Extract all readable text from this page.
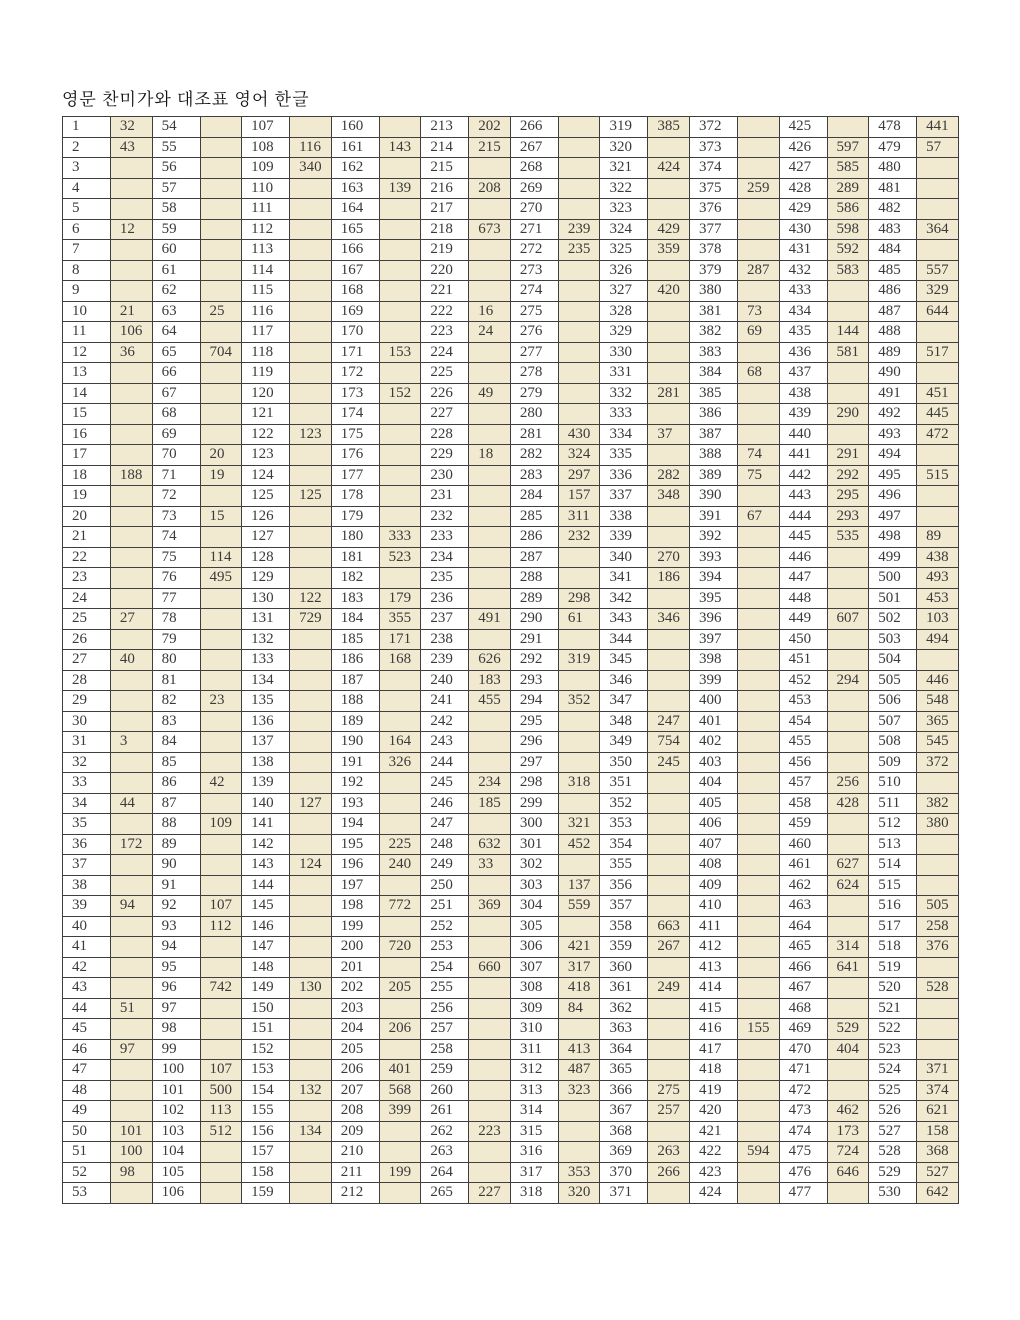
영문 찬미가와 대조표 영어 한글
1	32	54		107		160		213	202	266		319	385	372		425		478	441
2	43	55		108	116	161	143	214	215	267		320		373		426	597	479	57
3		56		109	340	162		215		268		321	424	374		427	585	480	
4		57		110		163	139	216	208	269		322		375	259	428	289	481	
5		58		111		164		217		270		323		376		429	586	482	
6	12	59		112		165		218	673	271	239	324	429	377		430	598	483	364
7		60		113		166		219		272	235	325	359	378		431	592	484	
8		61		114		167		220		273		326		379	287	432	583	485	557
9		62		115		168		221		274		327	420	380		433		486	329
10	21	63	25	116		169		222	16	275		328		381	73	434		487	644
11	106	64		117		170		223	24	276		329		382	69	435	144	488	
12	36	65	704	118		171	153	224		277		330		383		436	581	489	517
13		66		119		172		225		278		331		384	68	437		490	
14		67		120		173	152	226	49	279		332	281	385		438		491	451
15		68		121		174		227		280		333		386		439	290	492	445
16		69		122	123	175		228		281	430	334	37	387		440		493	472
17		70	20	123		176		229	18	282	324	335		388	74	441	291	494	
18	188	71	19	124		177		230		283	297	336	282	389	75	442	292	495	515
19		72		125	125	178		231		284	157	337	348	390		443	295	496	
20		73	15	126		179		232		285	311	338		391	67	444	293	497	
21		74		127		180	333	233		286	232	339		392		445	535	498	89
22		75	114	128		181	523	234		287		340	270	393		446		499	438
23		76	495	129		182		235		288		341	186	394		447		500	493
24		77		130	122	183	179	236		289	298	342		395		448		501	453
25	27	78		131	729	184	355	237	491	290	61	343	346	396		449	607	502	103
26		79		132		185	171	238		291		344		397		450		503	494
27	40	80		133		186	168	239	626	292	319	345		398		451		504	
28		81		134		187		240	183	293		346		399		452	294	505	446
29		82	23	135		188		241	455	294	352	347		400		453		506	548
30		83		136		189		242		295		348	247	401		454		507	365
31	3	84		137		190	164	243		296		349	754	402		455		508	545
32		85		138		191	326	244		297		350	245	403		456		509	372
33		86	42	139		192		245	234	298	318	351		404		457	256	510	
34	44	87		140	127	193		246	185	299		352		405		458	428	511	382
35		88	109	141		194		247		300	321	353		406		459		512	380
36	172	89		142		195	225	248	632	301	452	354		407		460		513	
37		90		143	124	196	240	249	33	302		355		408		461	627	514	
38		91		144		197		250		303	137	356		409		462	624	515	
39	94	92	107	145		198	772	251	369	304	559	357		410		463		516	505
40		93	112	146		199		252		305		358	663	411		464		517	258
41		94		147		200	720	253		306	421	359	267	412		465	314	518	376
42		95		148		201		254	660	307	317	360		413		466	641	519	
43		96	742	149	130	202	205	255		308	418	361	249	414		467		520	528
44	51	97		150		203		256		309	84	362		415		468		521	
45		98		151		204	206	257		310		363		416	155	469	529	522	
46	97	99		152		205		258		311	413	364		417		470	404	523	
47		100	107	153		206	401	259		312	487	365		418		471		524	371
48		101	500	154	132	207	568	260		313	323	366	275	419		472		525	374
49		102	113	155		208	399	261		314		367	257	420		473	462	526	621
50	101	103	512	156	134	209		262	223	315		368		421		474	173	527	158
51	100	104		157		210		263		316		369	263	422	594	475	724	528	368
52	98	105		158		211	199	264		317	353	370	266	423		476	646	529	527
53		106		159		212		265	227	318	320	371		424		477		530	642
